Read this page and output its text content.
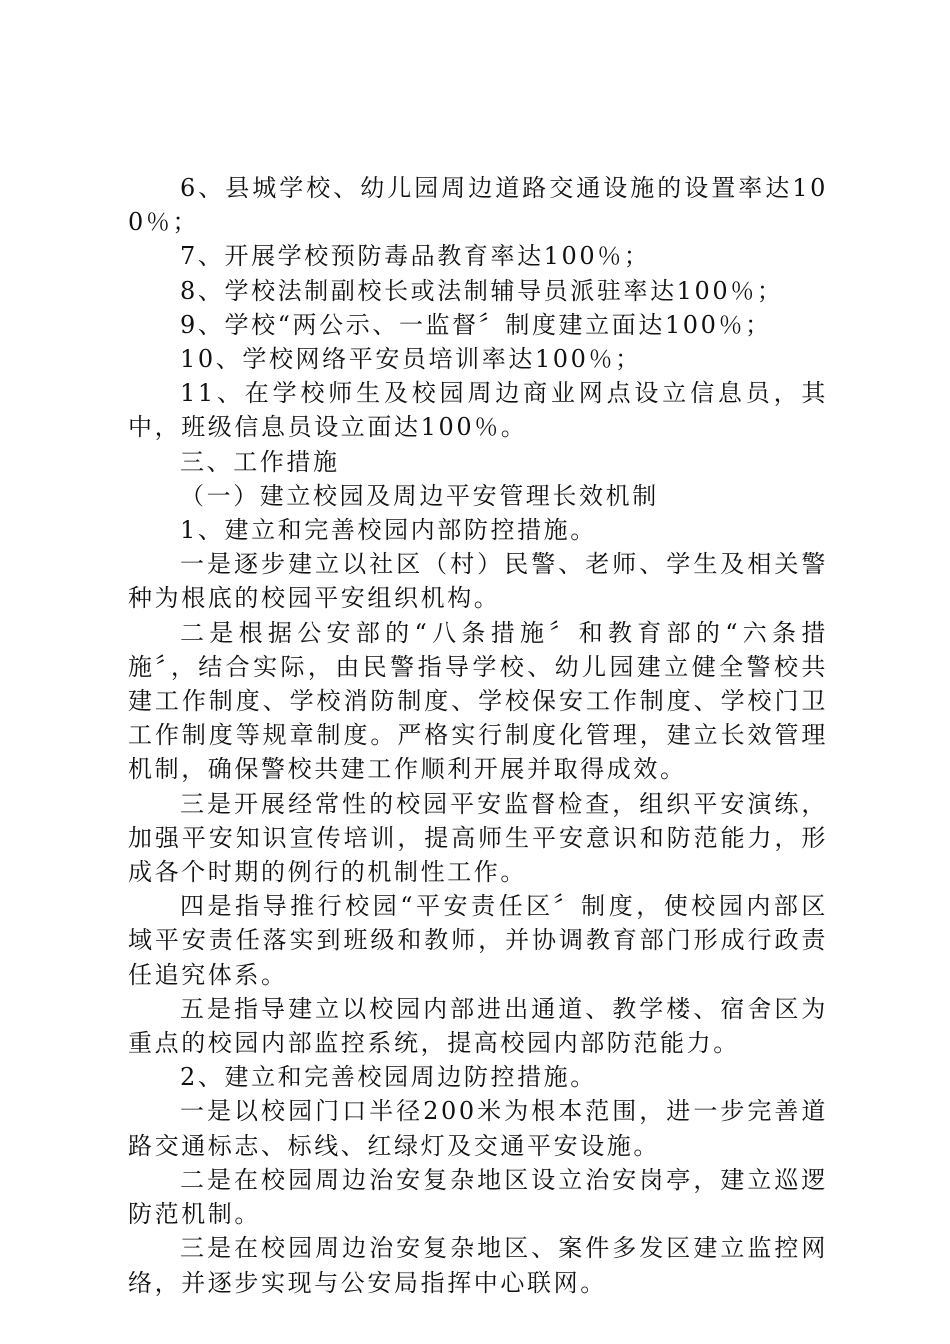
6、县城学校、幼儿园周边道路交通设施的设置率达100％；

7、开展学校预防毒品教育率达100％；

8、学校法制副校长或法制辅导员派驻率达100％；

9、学校“两公示、一监督〞制度建立面达100％；

10、学校网络平安员培训率达100％；

11、在学校师生及校园周边商业网点设立信息员，其中，班级信息员设立面达100％。

三、工作措施

（一）建立校园及周边平安管理长效机制

1、建立和完善校园内部防控措施。

一是逐步建立以社区（村）民警、老师、学生及相关警种为根底的校园平安组织机构。

二是根据公安部的“八条措施〞和教育部的“六条措施〞，结合实际，由民警指导学校、幼儿园建立健全警校共建工作制度、学校消防制度、学校保安工作制度、学校门卫工作制度等规章制度。严格实行制度化管理，建立长效管理机制，确保警校共建工作顺利开展并取得成效。

三是开展经常性的校园平安监督检查，组织平安演练，加强平安知识宣传培训，提高师生平安意识和防范能力，形成各个时期的例行的机制性工作。

四是指导推行校园“平安责任区〞制度，使校园内部区域平安责任落实到班级和教师，并协调教育部门形成行政责任追究体系。

五是指导建立以校园内部进出通道、教学楼、宿舍区为重点的校园内部监控系统，提高校园内部防范能力。

2、建立和完善校园周边防控措施。

一是以校园门口半径200米为根本范围，进一步完善道路交通标志、标线、红绿灯及交通平安设施。

二是在校园周边治安复杂地区设立治安岗亭，建立巡逻防范机制。

三是在校园周边治安复杂地区、案件多发区建立监控网络，并逐步实现与公安局指挥中心联网。
